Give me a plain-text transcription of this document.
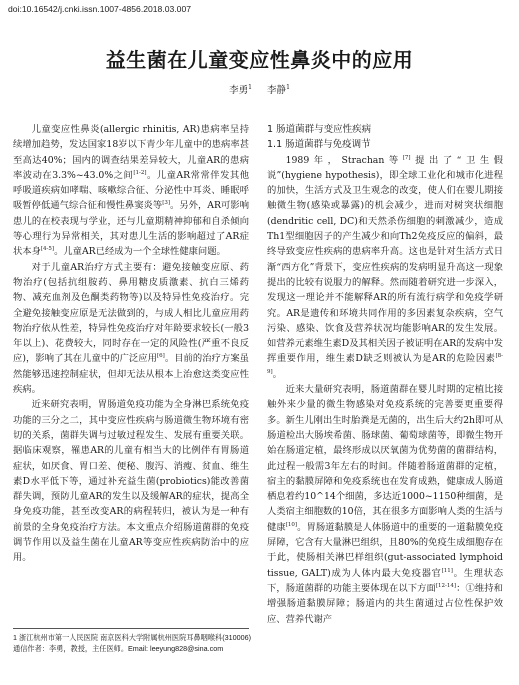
doi:10.16542/j.cnki.issn.1007-4856.2018.03.007
益生菌在儿童变应性鼻炎中的应用
李勇$^1$ 李静$^1$

儿童变应性鼻炎(allergic rhinitis, AR)患病率呈持续增加趋势，发达国家18岁以下青少年儿童中的患病率甚至高达40%；国内的调查结果差异较大，儿童AR的患病率波动在3.3%~43.0%之间[1-2]。儿童AR常常伴发其他呼吸道疾病如哮喘、咳嗽综合征、分泌性中耳炎、睡眠呼吸暂停低通气综合征和慢性鼻窦炎等[3]。另外，AR可影响患儿的在校表现与学业，还与儿童期精神抑郁和自杀倾向等心理行为异常相关，其对患儿生活的影响超过了AR症状本身[4-5]。儿童AR已经成为一个全球性健康问题。

对于儿童AR治疗方式主要有：避免接触变应原、药物治疗(包括抗组胺药、鼻用糖皮质激素、抗白三烯药物、减充血剂及色酮类药物等)以及特异性免疫治疗。完全避免接触变应原是无法做到的，与成人相比儿童应用药物治疗依从性差，特异性免疫治疗对年龄要求较长(一般3年以上)、花费较大，同时存在一定的风险性(严重不良反应)，影响了其在儿童中的广泛应用[6]。目前的治疗方案虽然能够迅速控制症状，但却无法从根本上治愈这类变应性疾病。

近来研究表明，胃肠道免疫功能为全身淋巴系统免疫功能的三分之二，其中变应性疾病与肠道微生物环境有密切的关系，菌群失调与过敏过程发生、发展有重要关联。据临床观察，罹患AR的儿童有相当大的比例伴有胃肠道症状，如厌食、胃口差、便秘、腹泻、消瘦、贫血、维生素D水平低下等，通过补充益生菌(probiotics)能改善菌群失调，预防儿童AR的发生以及缓解AR的症状，提高全身免疫功能，甚至改变AR的病程转归，被认为是一种有前景的全身免疫治疗方法。本文重点介绍肠道菌群的免疫调节作用以及益生菌在儿童AR等变应性疾病防治中的应用。

1 肠道菌群与变应性疾病

1.1 肠道菌群与免疫调节

1989年，Strachan等[7]提出了“卫生假说”(hygiene hypothesis)，即全球工业化和城市化进程的加快，生活方式及卫生观念的改变，使人们在婴儿期接触微生物(感染或暴露)的机会减少，进而对树突状细胞(dendritic cell, DC)和天然杀伤细胞的刺激减少，造成Th1型细胞因子的产生减少和向Th2免疫反应的偏斜，最终导致变应性疾病的患病率升高。这也是针对生活方式日渐“西方化”背景下，变应性疾病的发病明显升高这一现象提出的比较有说服力的解释。然而随着研究进一步深入，发现这一理论并不能解释AR的所有流行病学和免疫学研究。AR是遗传和环境共同作用的多因素复杂疾病，空气污染、感染、饮食及营养状况均能影响AR的发生发展。如营养元素维生素D及其相关因子被证明在AR的发病中发挥重要作用，维生素D缺乏则被认为是AR的危险因素[8-9]。

近来大量研究表明，肠道菌群在婴儿时期的定植比接触外来少量的微生物感染对免疫系统的完善要更重要得多。新生儿刚出生时胎粪是无菌的，出生后大约2h即可从肠道检出大肠埃希菌、肠球菌、葡萄球菌等，即微生物开始在肠道定植，最终形成以厌氧菌为优势菌的菌群结构，此过程一般需3年左右的时间。伴随着肠道菌群的定植，宿主的黏膜屏障和免疫系统也在发育成熟，健康成人肠道栖息着约10^14个细菌，多达近1000~1150种细菌，是人类宿主细胞数的10倍，其在很多方面影响人类的生活与健康[10]。胃肠道黏膜是人体肠道中的重要的一道黏膜免疫屏障，它含有大量淋巴组织，且80%的免疫生成细胞存在于此，使肠相关淋巴样组织(gut-associated lymphoid tissue, GALT)成为人体内最大免疫器官[11]。生理状态下，肠道菌群的功能主要体现在以下方面[12-14]：①维持和增强肠道黏膜屏障；肠道内的共生菌通过占位性保护效应、营养代谢产

1 浙江杭州市第一人民医院 南京医科大学附属杭州医院耳鼻咽喉科(310006)
通信作者：李勇，教授，主任医师。Email: leeyung828@sina.com
